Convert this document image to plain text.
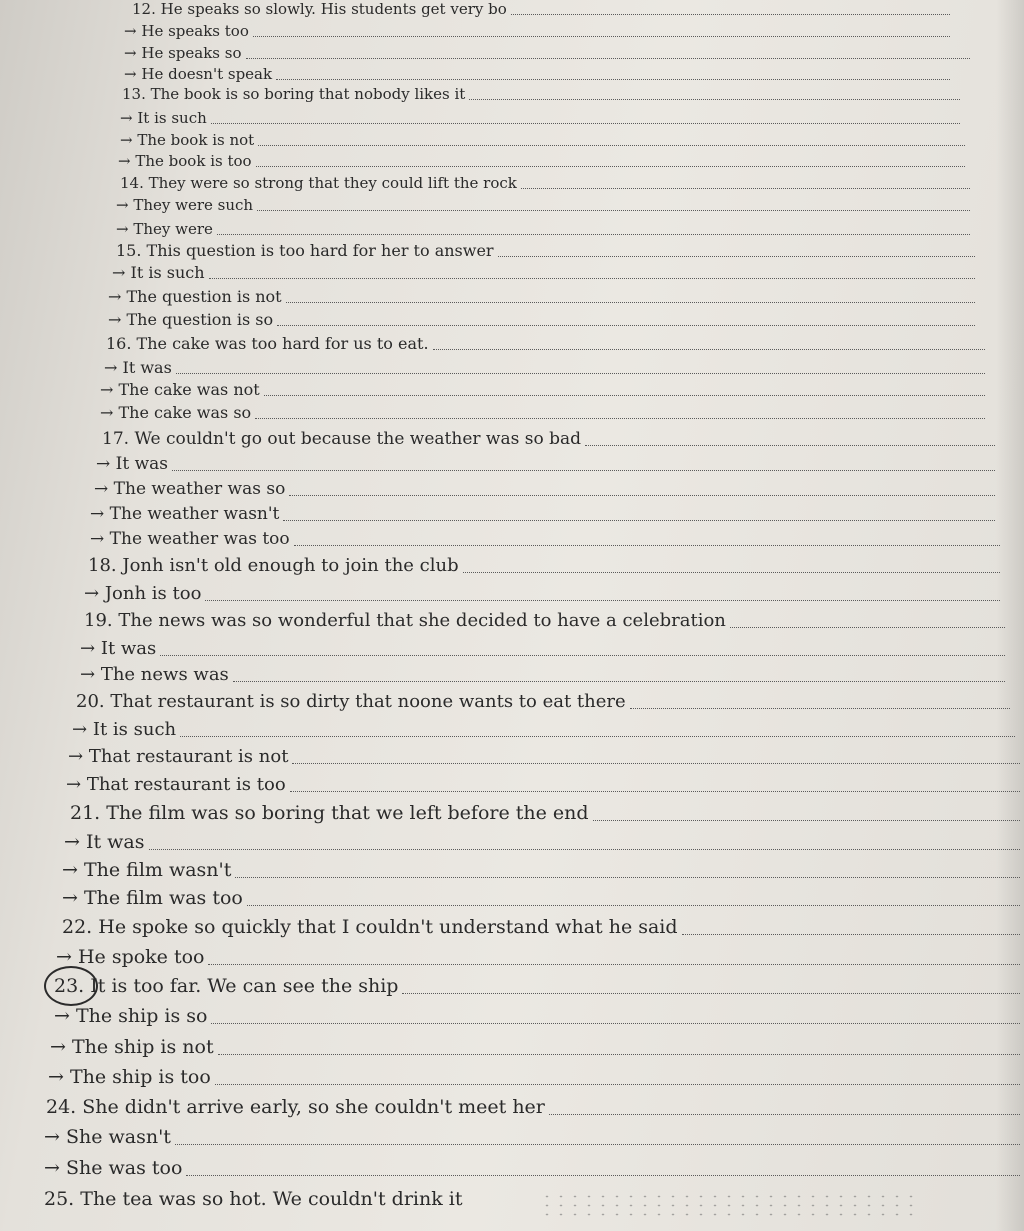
12. He speaks so slowly. His students get very bo
→ He speaks too
→ He speaks so
→ He doesn't speak
13. The book is so boring that nobody likes it
→ It is such
→ The book is not
→ The book is too
14. They were so strong that they could lift the rock
→ They were such
→ They were
15. This question is too hard for her to answer
→ It is such
→ The question is not
→ The question is so
16. The cake was too hard for us to eat.
→ It was
→ The cake was not
→ The cake was so
17. We couldn't go out because the weather was so bad
→ It was
→ The weather was so
→ The weather wasn't
→ The weather was too
18. Jonh isn't old enough to join the club
→ Jonh is too
19. The news was so wonderful that she decided to have a celebration
→ It was
→ The news was
20. That restaurant is so dirty that noone wants to eat there
→ It is such
→ That restaurant is not
→ That restaurant is too
21. The film was so boring that we left before the end
→ It was
→ The film wasn't
→ The film was too
22. He spoke so quickly that I couldn't understand what he said
→ He spoke too
23. It is too far. We can see the ship
→ The ship is so
→ The ship is not
→ The ship is too
24. She didn't arrive early, so she couldn't meet her
→ She wasn't
→ She was too
25. The tea was so hot. We couldn't drink it
